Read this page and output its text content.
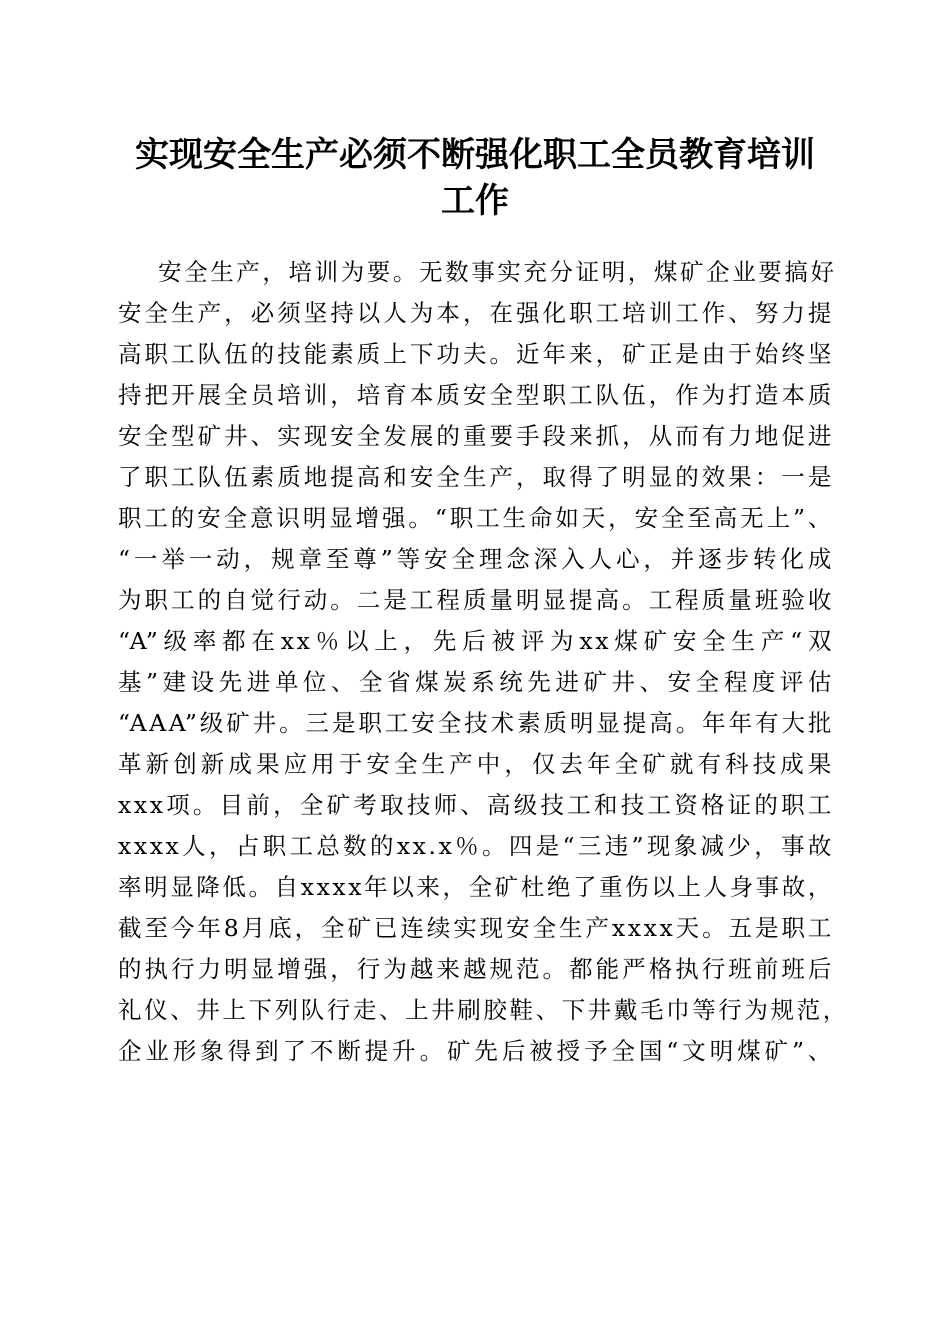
实现安全生产必须不断强化职工全员教育培训
工作
安全生产，培训为要。无数事实充分证明，煤矿企业要搞好
安全生产，必须坚持以人为本，在强化职工培训工作、努力提
高职工队伍的技能素质上下功夫。近年来，矿正是由于始终坚
持把开展全员培训，培育本质安全型职工队伍，作为打造本质
安全型矿井、实现安全发展的重要手段来抓，从而有力地促进
了职工队伍素质地提高和安全生产，取得了明显的效果：一是
职工的安全意识明显增强。“职工生命如天，安全至高无上”、
“一举一动，规章至尊”等安全理念深入人心，并逐步转化成
为职工的自觉行动。二是工程质量明显提高。工程质量班验收
“A”级率都在xx％以上，先后被评为xx煤矿安全生产“双
基”建设先进单位、全省煤炭系统先进矿井、安全程度评估
“AAA”级矿井。三是职工安全技术素质明显提高。年年有大批
革新创新成果应用于安全生产中，仅去年全矿就有科技成果
xxx项。目前，全矿考取技师、高级技工和技工资格证的职工
xxxx人，占职工总数的xx.x％。四是“三违”现象减少，事故
率明显降低。自xxxx年以来，全矿杜绝了重伤以上人身事故，
截至今年8月底，全矿已连续实现安全生产xxxx天。五是职工
的执行力明显增强，行为越来越规范。都能严格执行班前班后
礼仪、井上下列队行走、上井刷胶鞋、下井戴毛巾等行为规范，
企业形象得到了不断提升。矿先后被授予全国“文明煤矿”、
